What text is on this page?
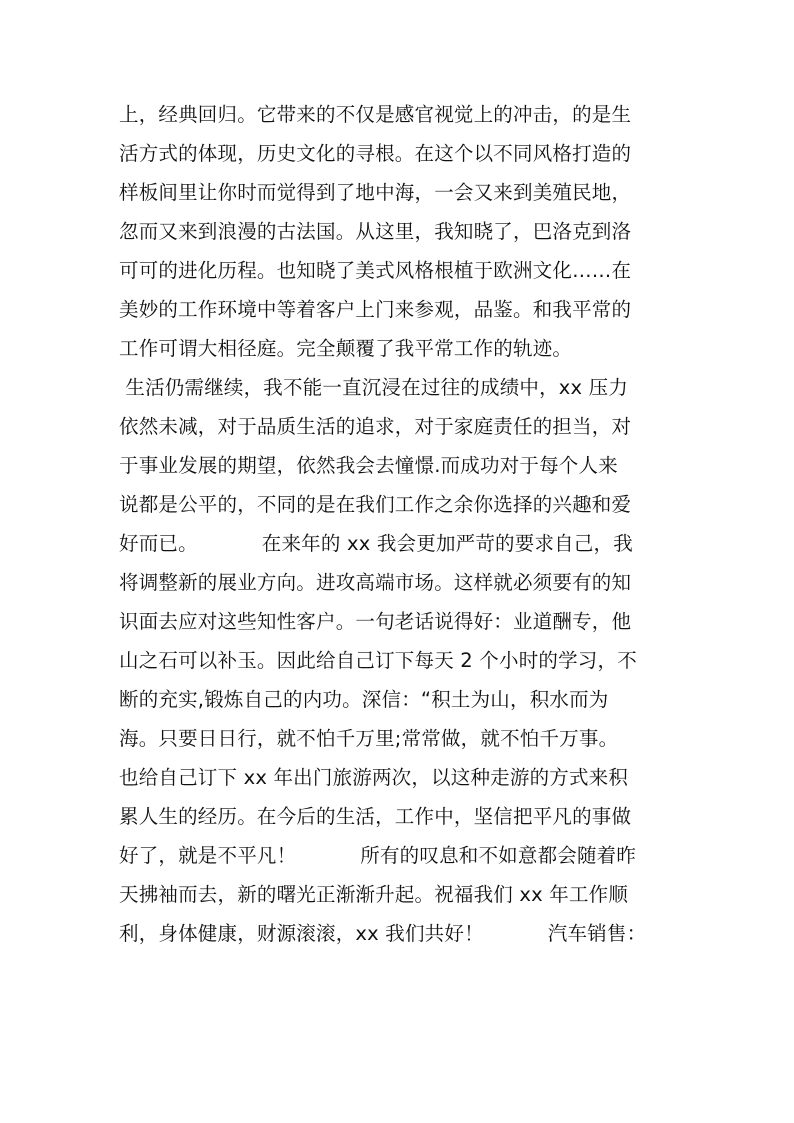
上，经典回归。它带来的不仅是感官视觉上的冲击，的是生
活方式的体现，历史文化的寻根。在这个以不同风格打造的
样板间里让你时而觉得到了地中海，一会又来到美殖民地，
忽而又来到浪漫的古法国。从这里，我知晓了，巴洛克到洛
可可的进化历程。也知晓了美式风格根植于欧洲文化……在
美妙的工作环境中等着客户上门来参观，品鉴。和我平常的
工作可谓大相径庭。完全颠覆了我平常工作的轨迹。
生活仍需继续，我不能一直沉浸在过往的成绩中，xx 压力
依然未减，对于品质生活的追求，对于家庭责任的担当，对
于事业发展的期望，依然我会去憧憬.而成功对于每个人来
说都是公平的，不同的是在我们工作之余你选择的兴趣和爱
好而已。          在来年的 xx 我会更加严苛的要求自己，我
将调整新的展业方向。进攻高端市场。这样就必须要有的知
识面去应对这些知性客户。一句老话说得好：业道酬专，他
山之石可以补玉。因此给自己订下每天 2 个小时的学习，不
断的充实,锻炼自己的内功。深信：“积土为山，积水而为
海。只要日日行，就不怕千万里;常常做，就不怕千万事。
也给自己订下 xx 年出门旅游两次，以这种走游的方式来积
累人生的经历。在今后的生活，工作中，坚信把平凡的事做
好了，就是不平凡！          所有的叹息和不如意都会随着昨
天拂袖而去，新的曙光正渐渐升起。祝福我们 xx 年工作顺
利，身体健康，财源滚滚，xx 我们共好！          汽车销售：
